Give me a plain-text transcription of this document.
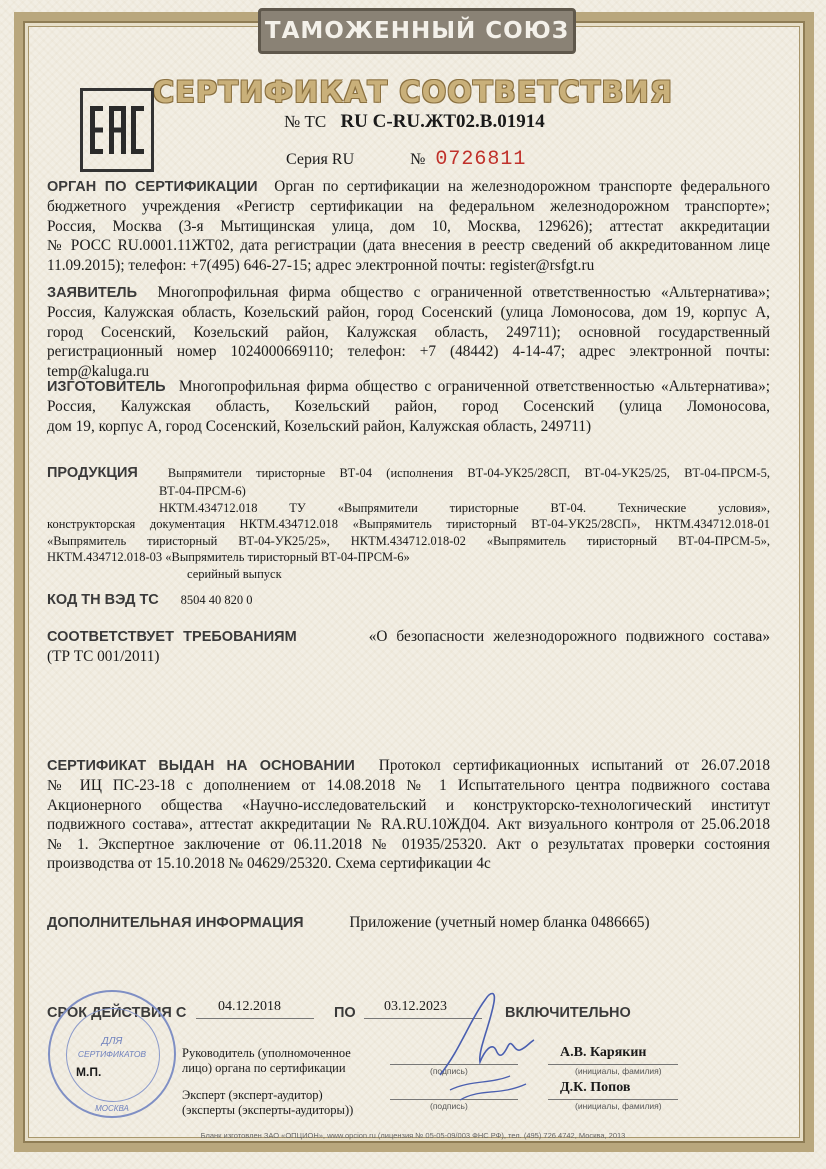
ТАМОЖЕННЫЙ СОЮЗ
СЕРТИФИКАТ СООТВЕТСТВИЯ
№ ТС RU C-RU.ЖТ02.В.01914
Серия RU	№ 0726811
ОРГАН ПО СЕРТИФИКАЦИИ Орган по сертификации на железнодорожном транспорте федерального
бюджетного учреждения «Регистр сертификации на федеральном железнодорожном транспорте»;
Россия, Москва (3-я Мытищинская улица, дом 10, Москва, 129626); аттестат аккредитации
№ РОСС RU.0001.11ЖТ02, дата регистрации (дата внесения в реестр сведений об аккредитованном лице
11.09.2015); телефон: +7(495) 646-27-15; адрес электронной почты: register@rsfgt.ru
ЗАЯВИТЕЛЬ Многопрофильная фирма общество с ограниченной ответственностью «Альтернатива»;
Россия, Калужская область, Козельский район, город Сосенский (улица Ломоносова, дом 19, корпус А,
город Сосенский, Козельский район, Калужская область, 249711); основной государственный
регистрационный номер 1024000669110; телефон: +7 (48442) 4-14-47; адрес электронной почты:
temp@kaluga.ru
ИЗГОТОВИТЕЛЬ Многопрофильная фирма общество с ограниченной ответственностью «Альтернатива»;
Россия, Калужская область, Козельский район, город Сосенский (улица Ломоносова,
дом 19, корпус А, город Сосенский, Козельский район, Калужская область, 249711)
ПРОДУКЦИЯ Выпрямители тиристорные ВТ-04 (исполнения ВТ-04-УК25/28СП, ВТ-04-УК25/25, ВТ-04-ПРСМ-5,
ВТ-04-ПРСМ-6)
НКТМ.434712.018 ТУ «Выпрямители тиристорные ВТ-04. Технические условия»,
конструкторская документация НКТМ.434712.018 «Выпрямитель тиристорный ВТ-04-УК25/28СП», НКТМ.434712.018-01
«Выпрямитель тиристорный ВТ-04-УК25/25», НКТМ.434712.018-02 «Выпрямитель тиристорный ВТ-04-ПРСМ-5»,
НКТМ.434712.018-03 «Выпрямитель тиристорный ВТ-04-ПРСМ-6»
серийный выпуск
КОД ТН ВЭД ТС 8504 40 820 0
СООТВЕТСТВУЕТ ТРЕБОВАНИЯМ	«О безопасности железнодорожного подвижного состава»
(ТР ТС 001/2011)
СЕРТИФИКАТ ВЫДАН НА ОСНОВАНИИ Протокол сертификационных испытаний от 26.07.2018
№ ИЦ ПС-23-18 с дополнением от 14.08.2018 № 1 Испытательного центра подвижного состава
Акционерного общества «Научно-исследовательский и конструкторско-технологический институт
подвижного состава», аттестат аккредитации № RA.RU.10ЖД04. Акт визуального контроля от 25.06.2018
№ 1. Экспертное заключение от 06.11.2018 № 01935/25320. Акт о результатах проверки состояния
производства от 15.10.2018 № 04629/25320. Схема сертификации 4с
ДОПОЛНИТЕЛЬНАЯ ИНФОРМАЦИЯ	Приложение (учетный номер бланка 0486665)
СРОК ДЕЙСТВИЯ С	04.12.2018	ПО 03.12.2023	ВКЛЮЧИТЕЛЬНО
ДЛЯ
СЕРТИФИКАТОВ
МОСКВА
М.П.
Руководитель (уполномоченное
лицо) органа по сертификации
Эксперт (эксперт-аудитор)
(эксперты (эксперты-аудиторы))
(подпись)
(подпись)
А.В. Карякин
(инициалы, фамилия)
Д.К. Попов
(инициалы, фамилия)
Бланк изготовлен ЗАО «ОПЦИОН», www.opcion.ru (лицензия № 05-05-09/003 ФНС РФ), тел. (495) 726 4742, Москва, 2013
